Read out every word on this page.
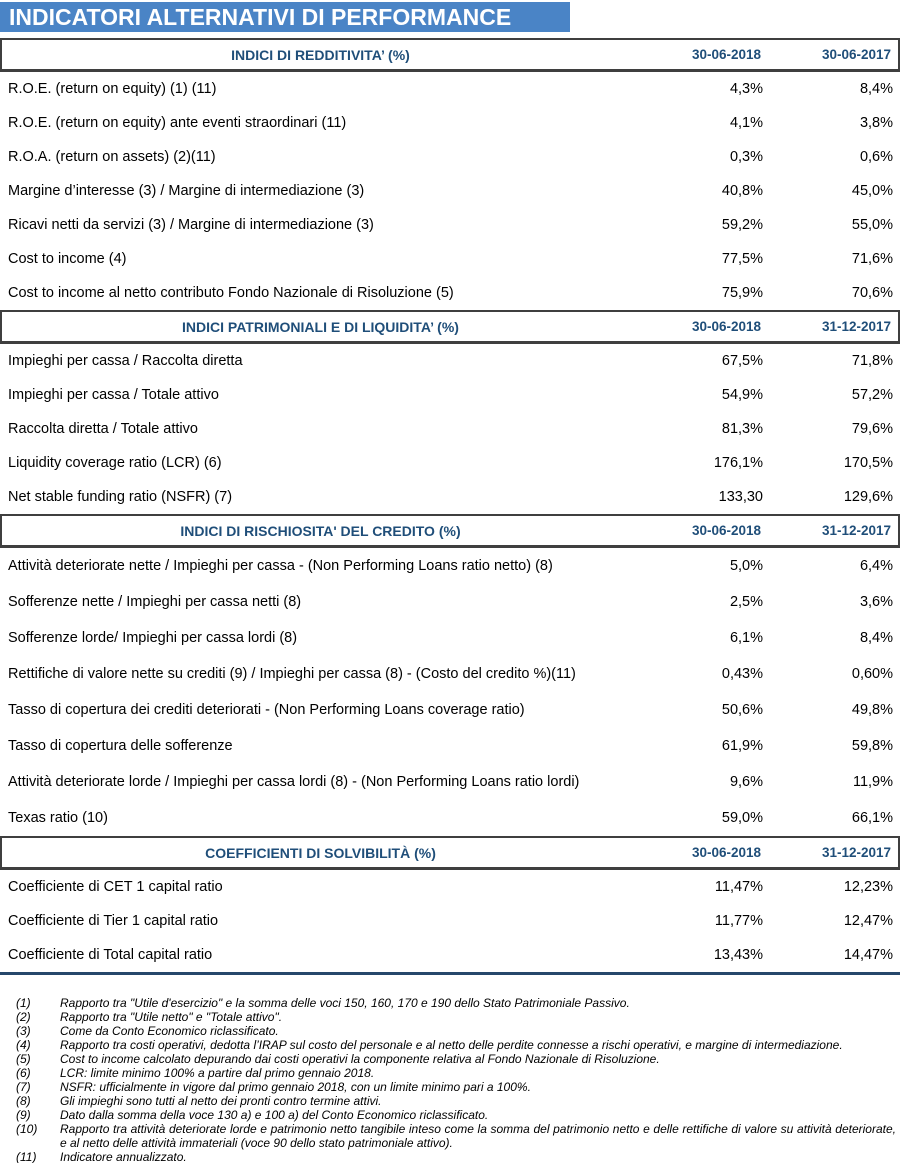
INDICATORI ALTERNATIVI DI PERFORMANCE
INDICI DI REDDITIVITA’ (%)	30-06-2018	30-06-2017
R.O.E. (return on equity) (1) (11)	4,3%	8,4%
R.O.E. (return on equity) ante eventi straordinari (11)	4,1%	3,8%
R.O.A. (return on assets) (2)(11)	0,3%	0,6%
Margine d’interesse (3) / Margine di intermediazione (3)	40,8%	45,0%
Ricavi netti da servizi (3) / Margine di intermediazione (3)	59,2%	55,0%
Cost to income (4)	77,5%	71,6%
Cost to income al netto contributo Fondo Nazionale di Risoluzione (5)	75,9%	70,6%
INDICI PATRIMONIALI E DI LIQUIDITA’ (%)	30-06-2018	31-12-2017
Impieghi per cassa / Raccolta diretta	67,5%	71,8%
Impieghi per cassa / Totale attivo	54,9%	57,2%
Raccolta diretta / Totale attivo	81,3%	79,6%
Liquidity coverage ratio (LCR) (6)	176,1%	170,5%
Net stable funding ratio (NSFR) (7)	133,30	129,6%
INDICI DI RISCHIOSITA' DEL CREDITO (%)	30-06-2018	31-12-2017
Attività deteriorate nette / Impieghi per cassa - (Non Performing Loans ratio netto) (8)	5,0%	6,4%
Sofferenze nette / Impieghi per cassa netti (8)	2,5%	3,6%
Sofferenze lorde/ Impieghi per cassa lordi (8)	6,1%	8,4%
Rettifiche di valore nette su crediti (9) / Impieghi per cassa (8) - (Costo del credito %)(11)	0,43%	0,60%
Tasso di copertura dei crediti deteriorati - (Non Performing Loans coverage ratio)	50,6%	49,8%
Tasso di copertura delle sofferenze	61,9%	59,8%
Attività deteriorate lorde / Impieghi per cassa lordi (8) - (Non Performing Loans ratio lordi)	9,6%	11,9%
Texas ratio (10)	59,0%	66,1%
COEFFICIENTI DI SOLVIBILITÀ (%)	30-06-2018	31-12-2017
Coefficiente di CET 1 capital ratio	11,47%	12,23%
Coefficiente di Tier 1 capital ratio	11,77%	12,47%
Coefficiente di Total capital ratio	13,43%	14,47%
(1)	Rapporto tra "Utile d'esercizio" e la somma delle voci 150, 160, 170 e 190 dello Stato Patrimoniale Passivo.
(2)	Rapporto tra "Utile netto" e "Totale attivo".
(3)	Come da Conto Economico riclassificato.
(4)	Rapporto tra costi operativi, dedotta l’IRAP sul costo del personale e al netto delle perdite connesse a rischi operativi, e margine di intermediazione.
(5)	Cost to income calcolato depurando dai costi operativi la componente relativa al Fondo Nazionale di Risoluzione.
(6)	LCR: limite minimo 100% a partire dal primo gennaio 2018.
(7)	NSFR: ufficialmente in vigore dal primo gennaio 2018, con un limite minimo pari a 100%.
(8)	Gli impieghi sono tutti al netto dei pronti contro termine attivi.
(9)	Dato dalla somma della voce 130 a) e 100 a) del Conto Economico riclassificato.
(10)	Rapporto tra attività deteriorate lorde e patrimonio netto tangibile inteso come la somma del patrimonio netto e delle rettifiche di valore su attività deteriorate, e al netto delle attività immateriali (voce 90 dello stato patrimoniale attivo).
(11)	Indicatore annualizzato.
